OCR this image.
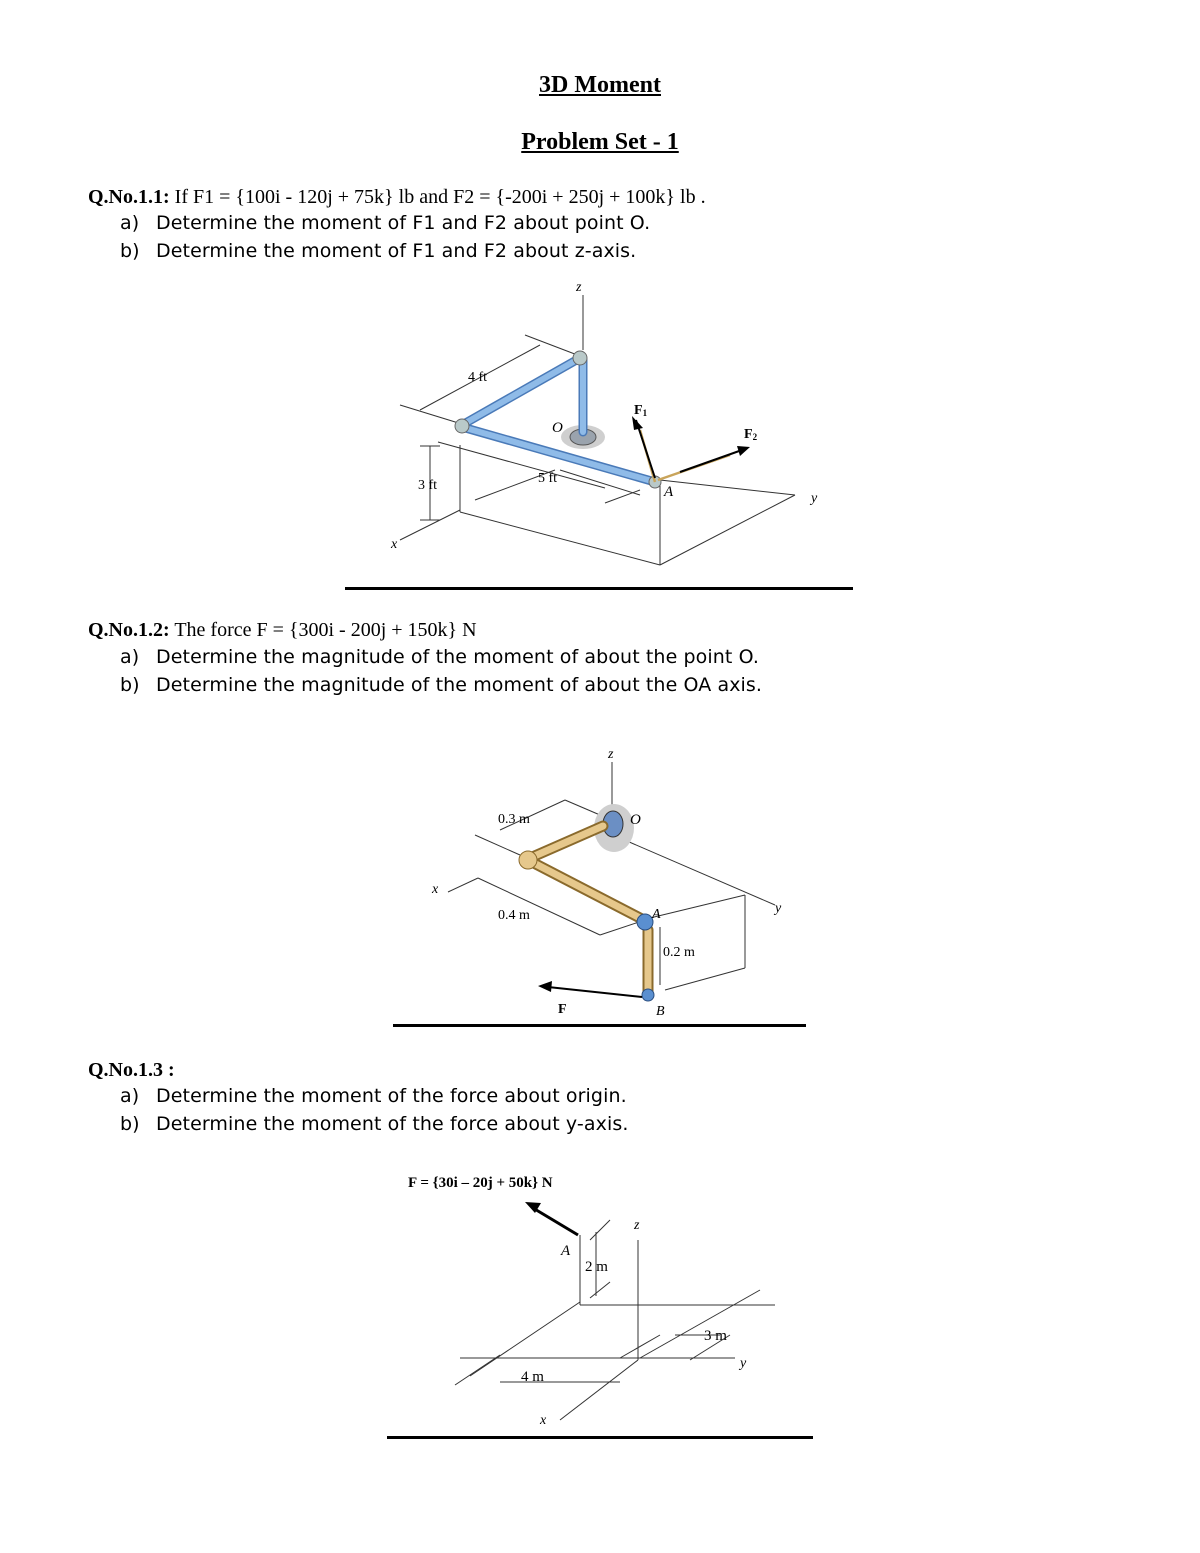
3D Moment
Problem Set - 1
Q.No.1.1: If F1 = {100i - 120j + 75k} lb and F2 = {-200i + 250j + 100k} lb .
a) Determine the moment of F1 and F2 about point O.
b) Determine the moment of F1 and F2 about z-axis.
z
y
x
O
A
4 ft
5 ft
3 ft
F1
F2
Q.No.1.2: The force F = {300i - 200j + 150k} N
a) Determine the magnitude of the moment of about the point O.
b) Determine the magnitude of the moment of about the OA axis.
z
y
x
O
A
B
0.3 m
0.4 m
0.2 m
F
Q.No.1.3 :
a) Determine the moment of the force about origin.
b) Determine the moment of the force about y-axis.
F = {30i – 20j + 50k} N
z
y
x
A
2 m
3 m
4 m
